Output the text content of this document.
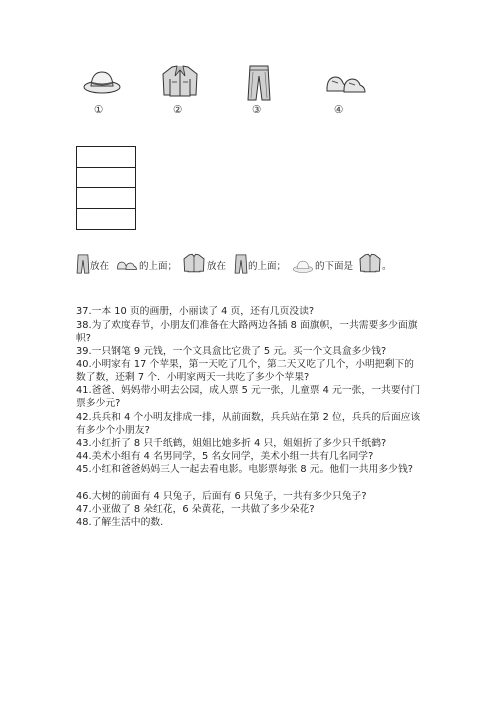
①	②	③	④
放在	的上面；	放在 的上面；	的下面是	。
37.一本 10 页的画册，小丽读了 4 页，还有几页没读?
38.为了欢度春节，小朋友们准备在大路两边各插 8 面旗帜，一共需要多少面旗
帜?
39.一只钢笔 9 元钱，一个文具盒比它贵了 5 元。买一个文具盒多少钱?
40.小明家有 17 个苹果，第一天吃了几个，第二天又吃了几个，小明把剩下的
数了数，还剩 7 个．小明家两天一共吃了多少个苹果?
41.爸爸、妈妈带小明去公园，成人票 5 元一张，儿童票 4 元一张，一共要付门
票多少元?
42.兵兵和 4 个小明友排成一排，从前面数，兵兵站在第 2 位，兵兵的后面应该
有多少个小朋友?
43.小红折了 8 只千纸鹤，姐姐比她多折 4 只，姐姐折了多少只千纸鹤?
44.美术小组有 4 名男同学，5 名女同学，美术小组一共有几名同学?
45.小红和爸爸妈妈三人一起去看电影。电影票每张 8 元。他们一共用多少钱?
46.大树的前面有 4 只兔子，后面有 6 只兔子，一共有多少只兔子?
47.小亚做了 8 朵红花，6 朵黄花，一共做了多少朵花?
48.了解生活中的数.
